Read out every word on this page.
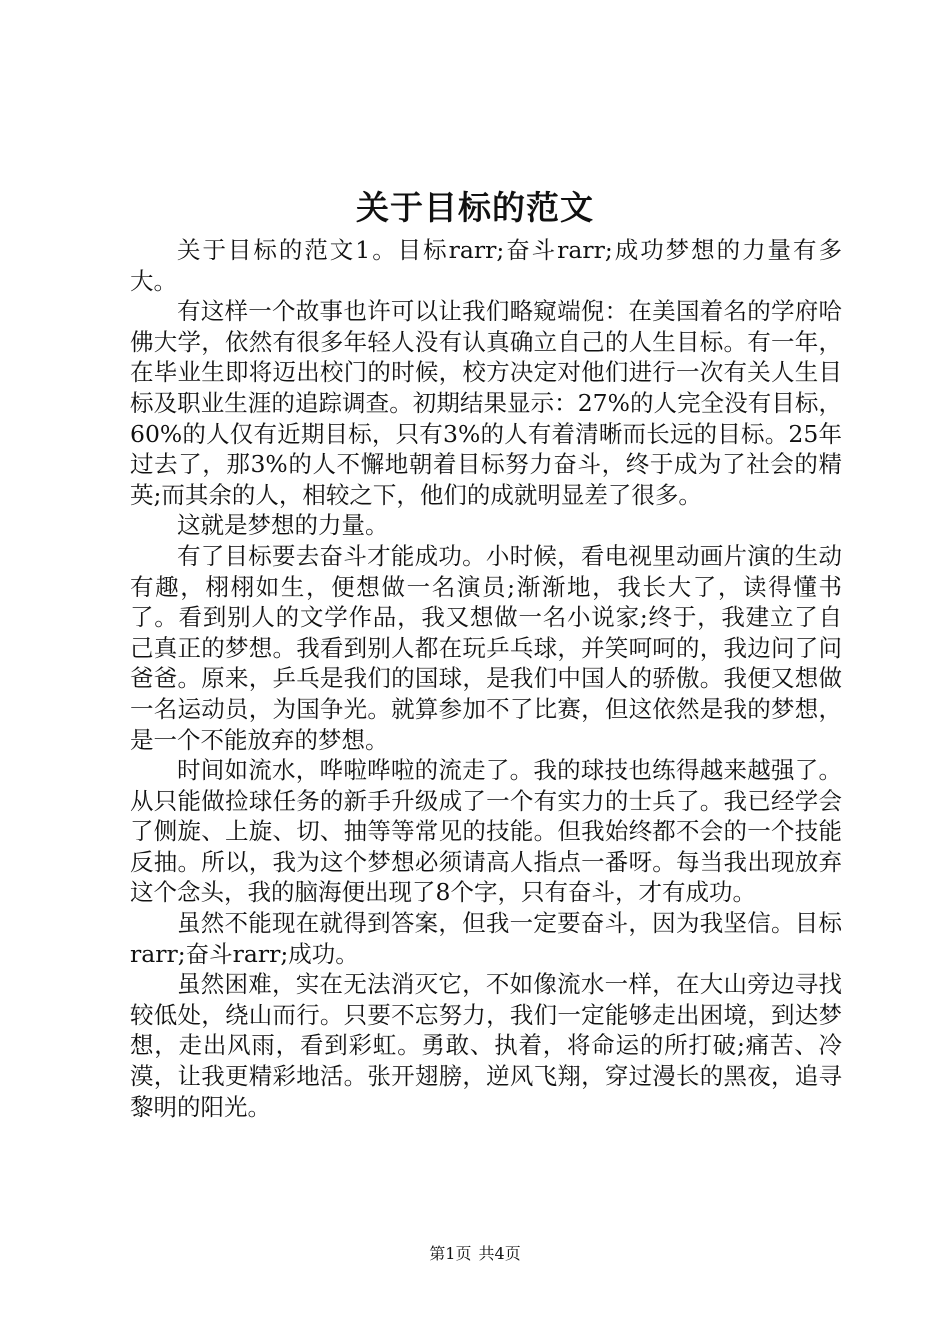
关于目标的范文

关于目标的范文1。目标rarr;奋斗rarr;成功梦想的力量有多大。

有这样一个故事也许可以让我们略窥端倪：在美国着名的学府哈佛大学，依然有很多年轻人没有认真确立自己的人生目标。有一年，在毕业生即将迈出校门的时候，校方决定对他们进行一次有关人生目标及职业生涯的追踪调查。初期结果显示：27%的人完全没有目标，60%的人仅有近期目标，只有3%的人有着清晰而长远的目标。25年过去了，那3%的人不懈地朝着目标努力奋斗，终于成为了社会的精英;而其余的人，相较之下，他们的成就明显差了很多。

这就是梦想的力量。

有了目标要去奋斗才能成功。小时候，看电视里动画片演的生动有趣，栩栩如生，便想做一名演员;渐渐地，我长大了，读得懂书了。看到别人的文学作品，我又想做一名小说家;终于，我建立了自己真正的梦想。我看到别人都在玩乒乓球，并笑呵呵的，我边问了问爸爸。原来，乒乓是我们的国球，是我们中国人的骄傲。我便又想做一名运动员，为国争光。就算参加不了比赛，但这依然是我的梦想，是一个不能放弃的梦想。

时间如流水，哗啦哗啦的流走了。我的球技也练得越来越强了。从只能做捡球任务的新手升级成了一个有实力的士兵了。我已经学会了侧旋、上旋、切、抽等等常见的技能。但我始终都不会的一个技能反抽。所以，我为这个梦想必须请高人指点一番呀。每当我出现放弃这个念头，我的脑海便出现了8个字，只有奋斗，才有成功。

虽然不能现在就得到答案，但我一定要奋斗，因为我坚信。目标rarr;奋斗rarr;成功。

虽然困难，实在无法消灭它，不如像流水一样，在大山旁边寻找较低处，绕山而行。只要不忘努力，我们一定能够走出困境，到达梦想，走出风雨，看到彩虹。勇敢、执着，将命运的所打破;痛苦、冷漠，让我更精彩地活。张开翅膀，逆风飞翔，穿过漫长的黑夜，追寻黎明的阳光。

第1页 共4页
